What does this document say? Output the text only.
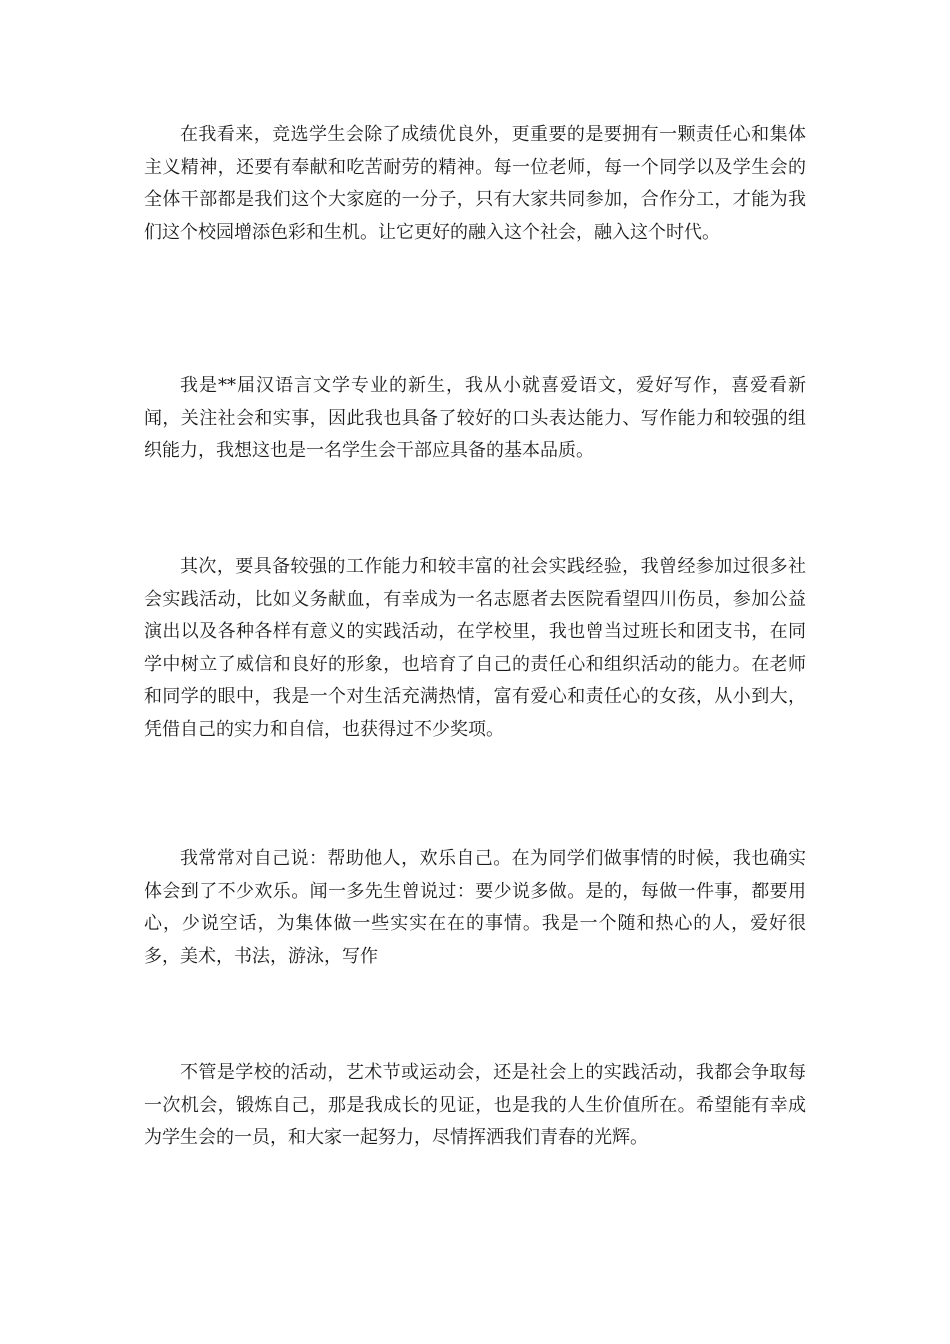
在我看来，竞选学生会除了成绩优良外，更重要的是要拥有一颗责任心和集体主义精神，还要有奉献和吃苦耐劳的精神。每一位老师，每一个同学以及学生会的全体干部都是我们这个大家庭的一分子，只有大家共同参加，合作分工，才能为我们这个校园增添色彩和生机。让它更好的融入这个社会，融入这个时代。

我是**届汉语言文学专业的新生，我从小就喜爱语文，爱好写作，喜爱看新闻，关注社会和实事，因此我也具备了较好的口头表达能力、写作能力和较强的组织能力，我想这也是一名学生会干部应具备的基本品质。

其次，要具备较强的工作能力和较丰富的社会实践经验，我曾经参加过很多社会实践活动，比如义务献血，有幸成为一名志愿者去医院看望四川伤员，参加公益演出以及各种各样有意义的实践活动，在学校里，我也曾当过班长和团支书，在同学中树立了威信和良好的形象，也培育了自己的责任心和组织活动的能力。在老师和同学的眼中，我是一个对生活充满热情，富有爱心和责任心的女孩，从小到大，凭借自己的实力和自信，也获得过不少奖项。

我常常对自己说：帮助他人，欢乐自己。在为同学们做事情的时候，我也确实体会到了不少欢乐。闻一多先生曾说过：要少说多做。是的，每做一件事，都要用心，少说空话，为集体做一些实实在在的事情。我是一个随和热心的人，爱好很多，美术，书法，游泳，写作

不管是学校的活动，艺术节或运动会，还是社会上的实践活动，我都会争取每一次机会，锻炼自己，那是我成长的见证，也是我的人生价值所在。希望能有幸成为学生会的一员，和大家一起努力，尽情挥洒我们青春的光辉。
